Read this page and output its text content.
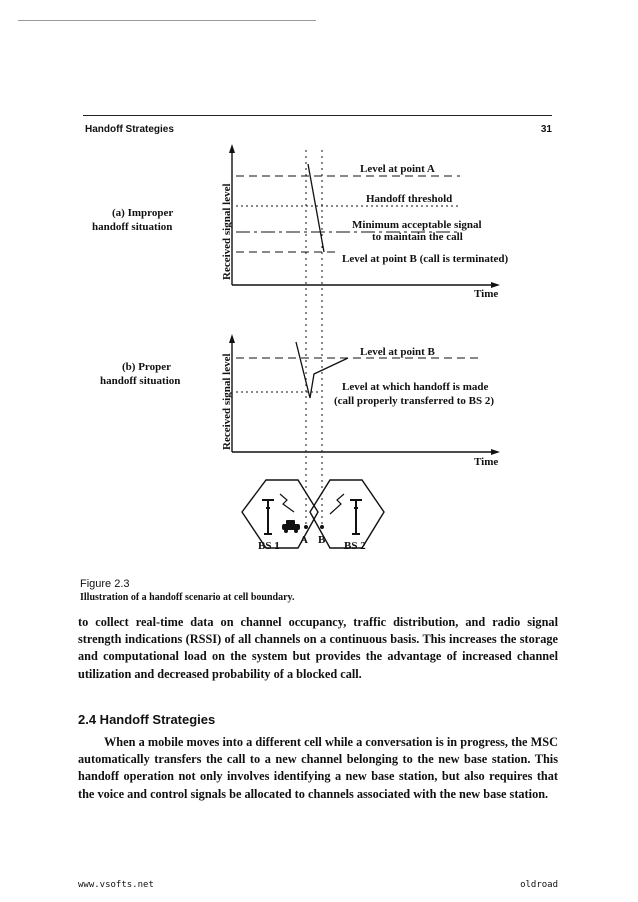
Handoff Strategies	31
(a) Improper
handoff situation	Received signal level
Time
Level at point A
Handoff threshold
Minimum acceptable signal
to maintain the call
Level at point B (call is terminated)
(b) Proper
handoff situation	Received signal level
Time
Level at point B
Level at which handoff is made
(call properly transferred to BS 2)
A B
BS 1	BS 2
Figure 2.3
Illustration of a handoff scenario at cell boundary.
to collect real-time data on channel occupancy, traffic distribution, and radio signal strength indications (RSSI) of all channels on a continuous basis. This increases the storage and computational load on the system but provides the advantage of increased channel utilization and decreased probability of a blocked call.
2.4 Handoff Strategies
When a mobile moves into a different cell while a conversation is in progress, the MSC automatically transfers the call to a new channel belonging to the new base station. This handoff operation not only involves identifying a new base station, but also requires that the voice and control signals be allocated to channels associated with the new base station.
www.vsofts.net	oldroad
